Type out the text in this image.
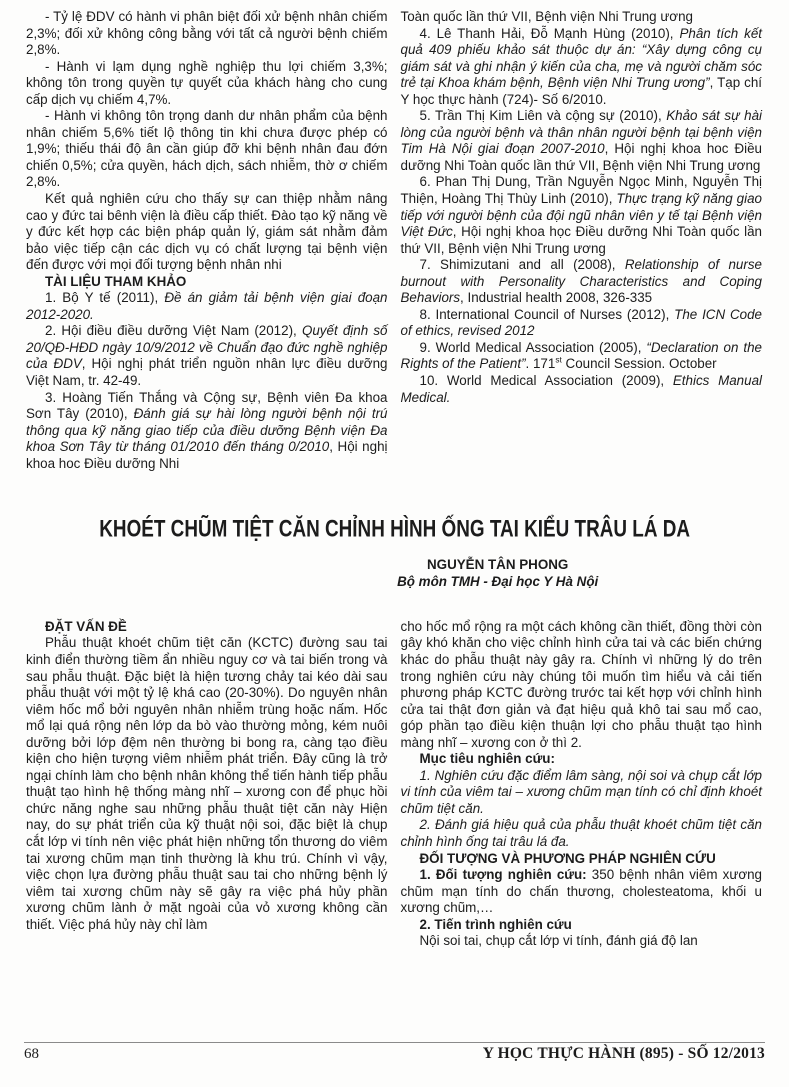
- Tỷ lệ ĐDV có hành vi phân biệt đối xử bệnh nhân chiếm 2,3%; đối xử không công bằng với tất cả người bệnh chiếm 2,8%.
- Hành vi lạm dụng nghề nghiệp thu lợi chiếm 3,3%; không tôn trong quyền tự quyết của khách hàng cho cung cấp dịch vụ chiếm 4,7%.
- Hành vi không tôn trọng danh dư nhân phẩm của bệnh nhân chiếm 5,6% tiết lộ thông tin khi chưa được phép có 1,9%; thiếu thái độ ân cần giúp đỡ khi bệnh nhân đau đớn chiến 0,5%; cửa quyền, hách dịch, sách nhiễm, thờ ơ chiếm 2,8%.
Kết quả nghiên cứu cho thấy sự can thiệp nhằm nâng cao y đức tai bênh viện là điều cấp thiết. Đào tạo kỹ năng về y đức kết hợp các biện pháp quản lý, giám sát nhằm đảm bảo việc tiếp cận các dịch vụ có chất lượng tại bệnh viện đến được với mọi đối tượng bệnh nhân nhi
TÀI LIỆU THAM KHẢO
1. Bộ Y tế (2011), Đề án giảm tải bệnh viện giai đoạn 2012-2020.
2. Hội điều điều dưỡng Việt Nam (2012), Quyết định số 20/QĐ-HĐD ngày 10/9/2012 về Chuẩn đạo đức nghề nghiệp của ĐDV, Hội nghị phát triển nguồn nhân lực điều dưỡng Việt Nam, tr. 42-49.
3. Hoàng Tiến Thắng và Cộng sự, Bệnh viên Đa khoa Sơn Tây (2010), Đánh giá sự hài lòng người bệnh nội trú thông qua kỹ năng giao tiếp của điều dưỡng Bệnh viện Đa khoa Sơn Tây từ tháng 01/2010 đến tháng 0/2010, Hội nghị khoa hoc Điều dưỡng Nhi
Toàn quốc lần thứ VII, Bệnh viện Nhi Trung ương
4. Lê Thanh Hải, Đỗ Mạnh Hùng (2010), Phân tích kết quả 409 phiếu khảo sát thuộc dự án: “Xây dựng công cụ giám sát và ghi nhận ý kiến của cha, mẹ và người chăm sóc trẻ tại Khoa khám bệnh, Bệnh viện Nhi Trung ương”, Tạp chí Y học thực hành (724)- Số 6/2010.
5. Trần Thị Kim Liên và cộng sự (2010), Khảo sát sự hài lòng của người bệnh và thân nhân người bệnh tại bệnh viện Tim Hà Nội giai đoạn 2007-2010, Hội nghị khoa hoc Điều dưỡng Nhi Toàn quốc lần thứ VII, Bệnh viện Nhi Trung ương
6. Phan Thị Dung, Trần Nguyễn Ngọc Minh, Nguyễn Thị Thiện, Hoàng Thị Thùy Linh (2010), Thực trạng kỹ năng giao tiếp với người bệnh của đội ngũ nhân viên y tế tại Bệnh viện Việt Đức, Hội nghị khoa học Điều dưỡng Nhi Toàn quốc lần thứ VII, Bệnh viện Nhi Trung ương
7. Shimizutani and all (2008), Relationship of nurse burnout with Personality Characteristics and Coping Behaviors, Industrial health 2008, 326-335
8. International Council of Nurses (2012), The ICN Code of ethics, revised 2012
9. World Medical Association (2005), “Declaration on the Rights of the Patient”. 171st Council Session. October
10. World Medical Association (2009), Ethics Manual Medical.
KHOÉT CHŨM TIỆT CĂN CHỈNH HÌNH ỐNG TAI KIỂU TRÂU LÁ DA
NGUYỄN TÂN PHONG
Bộ môn TMH - Đại học Y Hà Nội
ĐẶT VẤN ĐỀ
Phẫu thuật khoét chũm tiệt căn (KCTC) đường sau tai kinh điển thường tiềm ẩn nhiều nguy cơ và tai biến trong và sau phẫu thuật. Đặc biệt là hiện tương chảy tai kéo dài sau phẫu thuật với một tỷ lệ khá cao (20-30%). Do nguyên nhân viêm hốc mổ bởi nguyên nhân nhiễm trùng hoặc nấm. Hốc mổ lại quá rộng nên lớp da bò vào thường mỏng, kém nuôi dưỡng bởi lớp đệm nên thường bi bong ra, càng tạo điều kiện cho hiện tượng viêm nhiễm phát triển. Đây cũng là trở ngại chính làm cho bệnh nhân không thể tiến hành tiếp phẫu thuật tạo hình hệ thống màng nhĩ – xương con để phục hồi chức năng nghe sau những phẫu thuật tiệt căn này Hiện nay, do sự phát triển của kỹ thuật nội soi, đặc biệt là chụp cắt lớp vi tính nên việc phát hiện những tổn thương do viêm tai xương chũm mạn tinh thường là khu trú. Chính vì vậy, việc chọn lựa đường phẫu thuật sau tai cho những bệnh lý viêm tai xương chũm này sẽ gây ra việc phá hủy phần xương chũm lành ở mặt ngoài của vỏ xương không cần thiết. Việc phá hủy này chỉ làm
cho hốc mổ rộng ra một cách không cần thiết, đồng thời còn gây khó khăn cho việc chỉnh hình cửa tai và các biến chứng khác do phẫu thuật này gây ra. Chính vì những lý do trên trong nghiên cứu này chúng tôi muốn tìm hiểu và cải tiến phương pháp KCTC đường trước tai kết hợp với chỉnh hình cửa tai thật đơn giản và đạt hiệu quả khô tai sau mổ cao, góp phần tạo điều kiện thuận lợi cho phẫu thuật tạo hình màng nhĩ – xương con ở thì 2.
Mục tiêu nghiên cứu:
1. Nghiên cứu đặc điểm lâm sàng, nội soi và chụp cắt lớp vi tính của viêm tai – xương chũm mạn tính có chỉ định khoét chũm tiệt căn.
2. Đánh giá hiệu quả của phẫu thuật khoét chũm tiệt căn chỉnh hình ống tai trâu lá đa.
ĐỐI TƯỢNG VÀ PHƯƠNG PHÁP NGHIÊN CỨU
1. Đối tượng nghiên cứu: 350 bệnh nhân viêm xương chũm mạn tính do chấn thương, cholesteatoma, khối u xương chũm,…
2. Tiến trình nghiên cứu
Nội soi tai, chụp cắt lớp vi tính, đánh giá độ lan
68	Y HỌC THỰC HÀNH (895) - SỐ 12/2013
